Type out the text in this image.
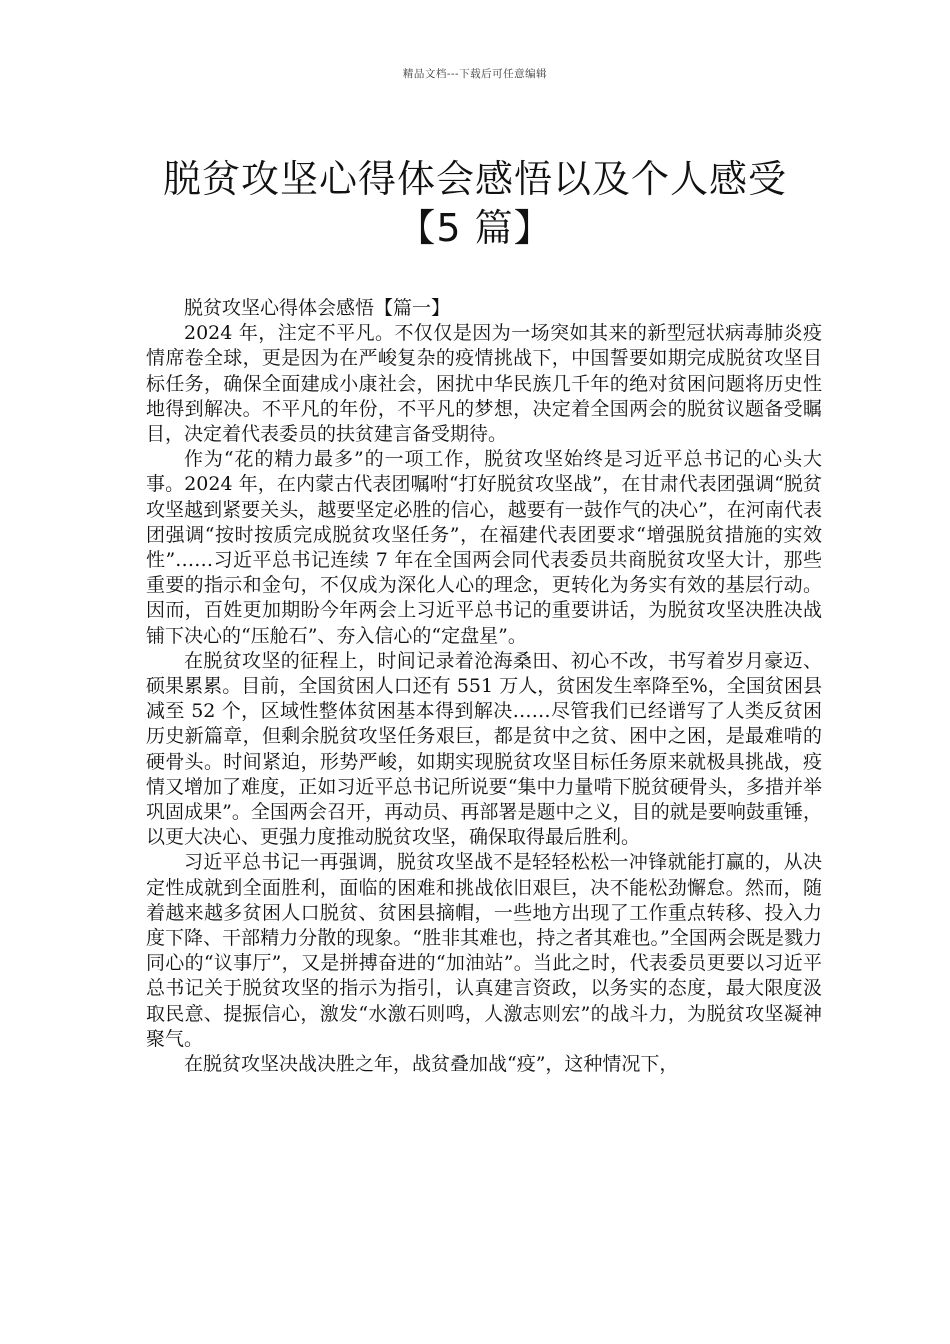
精品文档---下载后可任意编辑
脱贫攻坚心得体会感悟以及个人感受
【5 篇】

脱贫攻坚心得体会感悟【篇一】

2024 年，注定不平凡。不仅仅是因为一场突如其来的新型冠状病毒肺炎疫情席卷全球，更是因为在严峻复杂的疫情挑战下，中国誓要如期完成脱贫攻坚目标任务，确保全面建成小康社会，困扰中华民族几千年的绝对贫困问题将历史性地得到解决。不平凡的年份，不平凡的梦想，决定着全国两会的脱贫议题备受瞩目，决定着代表委员的扶贫建言备受期待。

作为“花的精力最多”的一项工作，脱贫攻坚始终是习近平总书记的心头大事。2024 年，在内蒙古代表团嘱咐“打好脱贫攻坚战”，在甘肃代表团强调“脱贫攻坚越到紧要关头，越要坚定必胜的信心，越要有一鼓作气的决心”，在河南代表团强调“按时按质完成脱贫攻坚任务”，在福建代表团要求“增强脱贫措施的实效性”……习近平总书记连续 7 年在全国两会同代表委员共商脱贫攻坚大计，那些重要的指示和金句，不仅成为深化人心的理念，更转化为务实有效的基层行动。因而，百姓更加期盼今年两会上习近平总书记的重要讲话，为脱贫攻坚决胜决战铺下决心的“压舱石”、夯入信心的“定盘星”。

在脱贫攻坚的征程上，时间记录着沧海桑田、初心不改，书写着岁月豪迈、硕果累累。目前，全国贫困人口还有 551 万人，贫困发生率降至%，全国贫困县减至 52 个，区域性整体贫困基本得到解决……尽管我们已经谱写了人类反贫困历史新篇章，但剩余脱贫攻坚任务艰巨，都是贫中之贫、困中之困，是最难啃的硬骨头。时间紧迫，形势严峻，如期实现脱贫攻坚目标任务原来就极具挑战，疫情又增加了难度，正如习近平总书记所说要“集中力量啃下脱贫硬骨头，多措并举巩固成果”。全国两会召开，再动员、再部署是题中之义，目的就是要响鼓重锤，以更大决心、更强力度推动脱贫攻坚，确保取得最后胜利。

习近平总书记一再强调，脱贫攻坚战不是轻轻松松一冲锋就能打赢的，从决定性成就到全面胜利，面临的困难和挑战依旧艰巨，决不能松劲懈怠。然而，随着越来越多贫困人口脱贫、贫困县摘帽，一些地方出现了工作重点转移、投入力度下降、干部精力分散的现象。“胜非其难也，持之者其难也。”全国两会既是戮力同心的“议事厅”，又是拼搏奋进的“加油站”。当此之时，代表委员更要以习近平总书记关于脱贫攻坚的指示为指引，认真建言资政，以务实的态度，最大限度汲取民意、提振信心，激发“水激石则鸣，人激志则宏”的战斗力，为脱贫攻坚凝神聚气。

在脱贫攻坚决战决胜之年，战贫叠加战“疫”，这种情况下，
